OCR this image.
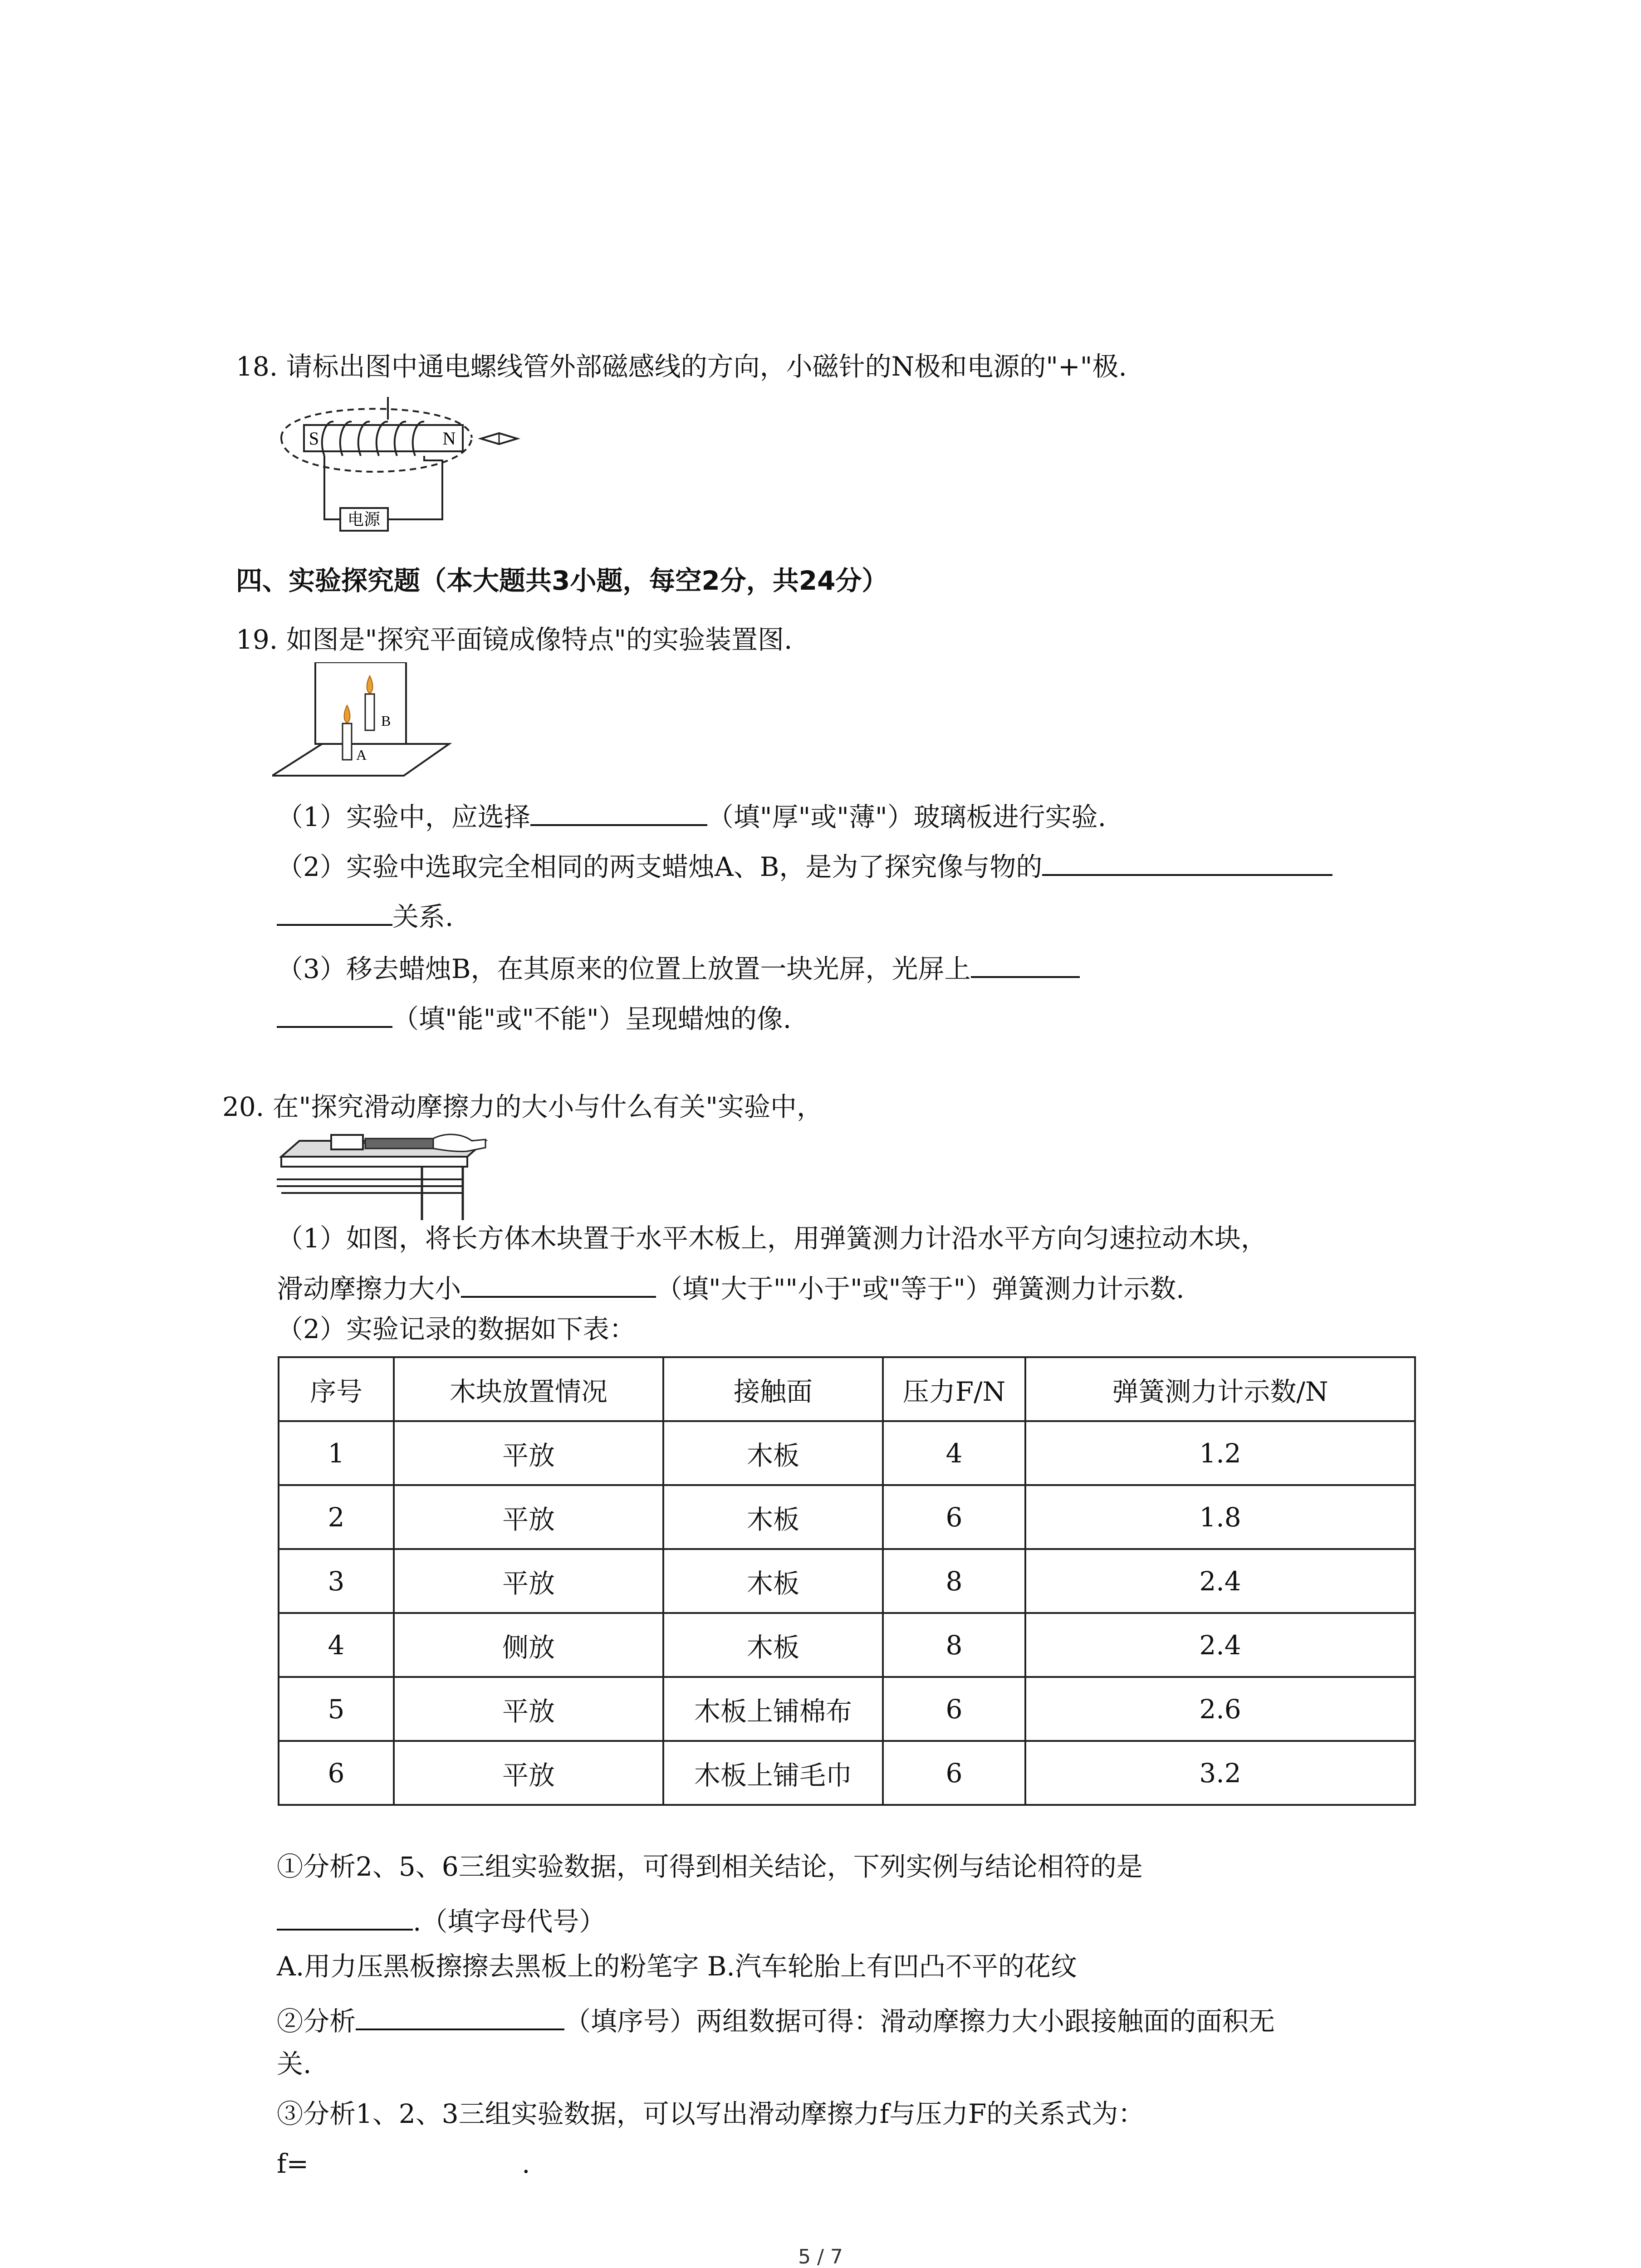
18. 请标出图中通电螺线管外部磁感线的方向，小磁针的N极和电源的"+"极.
电源
S	N
四、实验探究题（本大题共3小题，每空2分，共24分）
19. 如图是"探究平面镜成像特点"的实验装置图.
B
A
（1）实验中，应选择	（填"厚"或"薄"）玻璃板进行实验.
（2）实验中选取完全相同的两支蜡烛A、B，是为了探究像与物的
关系.
（3）移去蜡烛B，在其原来的位置上放置一块光屏，光屏上
（填"能"或"不能"）呈现蜡烛的像.
20. 在"探究滑动摩擦力的大小与什么有关"实验中，
（1）如图，将长方体木块置于水平木板上，用弹簧测力计沿水平方向匀速拉动木块，
滑动摩擦力大小	（填"大于""小于"或"等于"）弹簧测力计示数.
（2）实验记录的数据如下表：
序号	木块放置情况	接触面	压力F/N	弹簧测力计示数/N
1	平放	木板	4	1.2
2	平放	木板	6	1.8
3	平放	木板	8	2.4
4	侧放	木板	8	2.4
5	平放	木板上铺棉布	6	2.6
6	平放	木板上铺毛巾	6	3.2
①分析2、5、6三组实验数据，可得到相关结论，下列实例与结论相符的是
.（填字母代号）
A.用力压黑板擦擦去黑板上的粉笔字 B.汽车轮胎上有凹凸不平的花纹
②分析	（填序号）两组数据可得：滑动摩擦力大小跟接触面的面积无
关.
③分析1、2、3三组实验数据，可以写出滑动摩擦力f与压力F的关系式为：
f=	.
5 / 7
